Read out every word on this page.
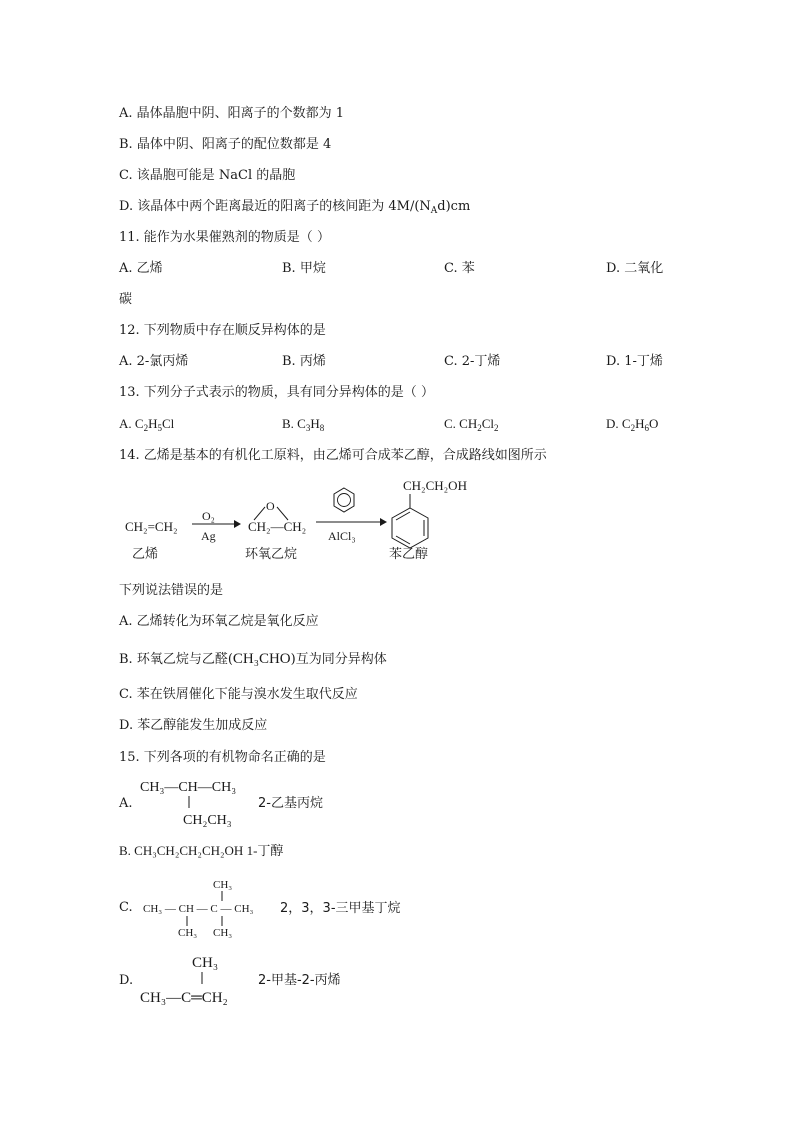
A. 晶体晶胞中阴、阳离子的个数都为 1
B. 晶体中阴、阳离子的配位数都是 4
C. 该晶胞可能是 NaCl 的晶胞
D. 该晶体中两个距离最近的阳离子的核间距为 $4M/(N_Ad)cm$
11. 能作为水果催熟剂的物质是（ ）
A. 乙烯	B. 甲烷	C. 苯	D. 二氧化
碳
12. 下列物质中存在顺反异构体的是
A. 2-氯丙烯	B. 丙烯	C. 2-丁烯	D. 1-丁烯
13. 下列分子式表示的物质，具有同分异构体的是（ ）
A. $C_2H_5Cl$	B. $C_3H_8$	C. $CH_2Cl_2$	D. $C_2H_6O$
14. 乙烯是基本的有机化工原料，由乙烯可合成苯乙醇，合成路线如图所示
CH₂=CH₂
乙烯
O₂
Ag
O
CH₂—CH₂
环氧乙烷
AlCl₃
CH₂CH₂OH
苯乙醇
下列说法错误的是
A. 乙烯转化为环氧乙烷是氧化反应
B. 环氧乙烷与乙醛(CH₃CHO)互为同分异构体
C. 苯在铁屑催化下能与溴水发生取代反应
D. 苯乙醇能发生加成反应
15. 下列各项的有机物命名正确的是
A.
CH₃—CH—CH₃
CH₂CH₃
2-乙基丙烷
B. CH₃CH₂CH₂CH₂OH 1-丁醇
C.
CH₃
CH₃ — CH — C — CH₃
CH₃ CH₃
2，3，3-三甲基丁烷
D.
CH₃
CH₃—C═CH₂
2-甲基-2-丙烯
